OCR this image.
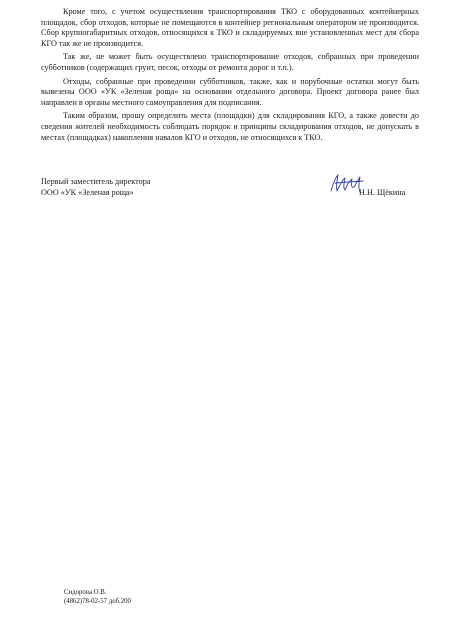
Кроме того, с учетом осуществления транспортирования ТКО с оборудованных контейнерных площадок, сбор отходов, которые не помещаются в контейнер региональным оператором не производится. Сбор крупногабаритных отходов, относящихся к ТКО и складируемых вне установленных мест для сбора КГО так же не производится.

Так же, не может быть осуществлено транспортирование отходов, собранных при проведении субботников (содержащих грунт, песок, отходы от ремонта дорог и т.п.).

Отходы, собранные при проведении субботников, также, как и порубочные остатки могут быть вывезены ООО «УК «Зеленая роща» на основании отдельного договора. Проект договора ранее был направлен в органы местного самоуправления для подписания.

Таким образом, прошу определить места (площадки) для складирования КГО, а также довести до сведения жителей необходимость соблюдать порядок и принципы складирования отходов, не допускать в местах (площадках) накопления навалов КГО и отходов, не относящихся к ТКО.

Первый заместитель директора
ООО «УК «Зеленая роща»	Н.Н. Щёкина
Сидорова О.В.
(4862)78-02-57 доб.200
